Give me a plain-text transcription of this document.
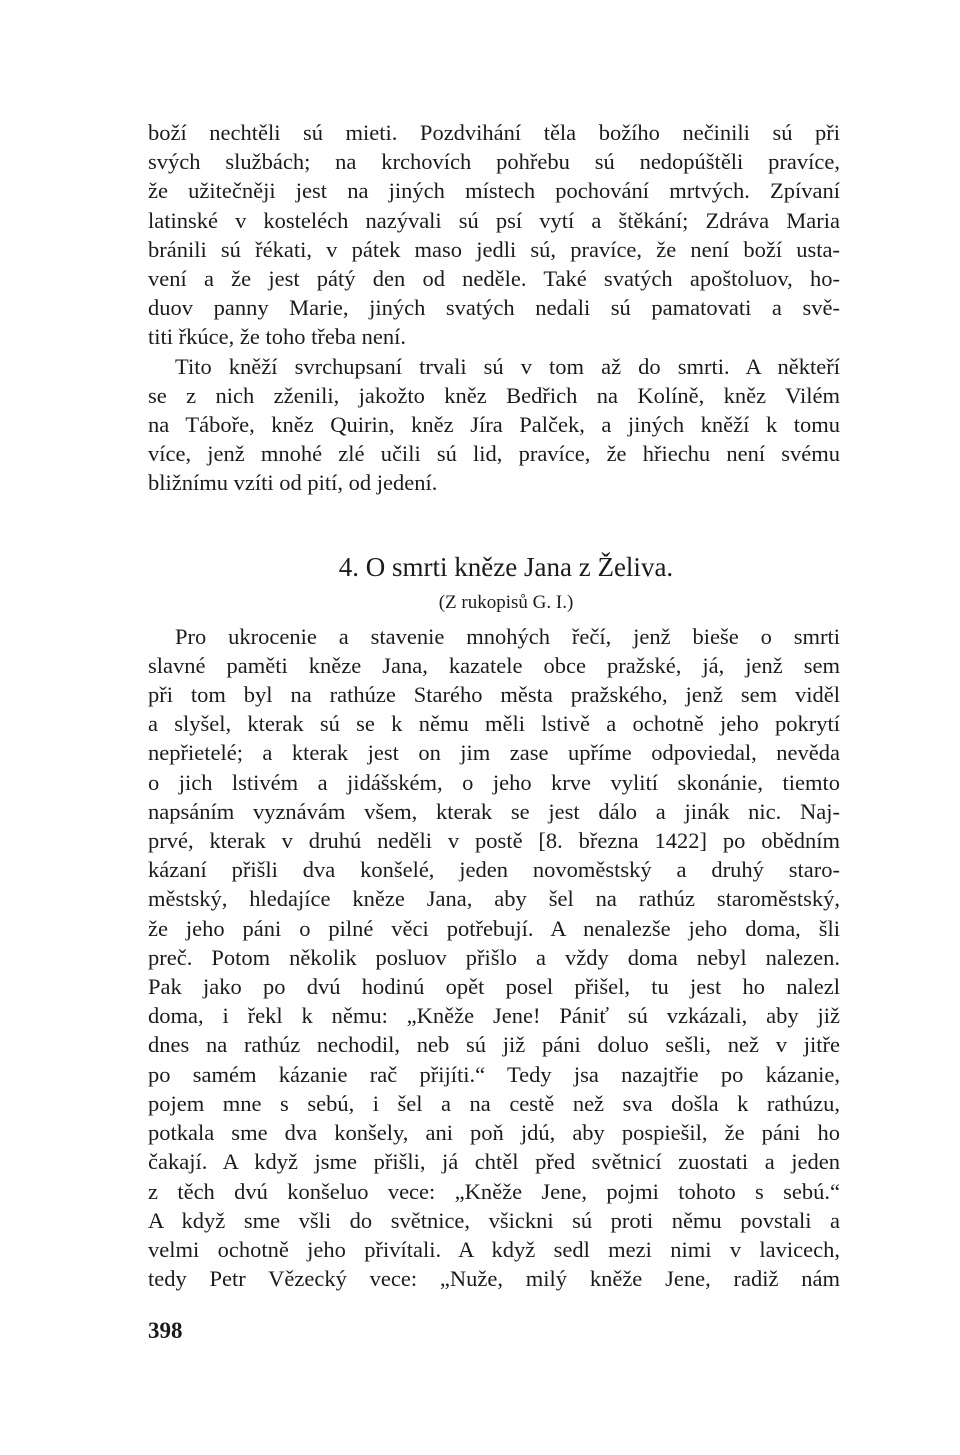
boží nechtěli sú mieti. Pozdvihání těla božího nečinili sú při
svých službách; na krchovích pohřebu sú nedopúštěli pravíce,
že užitečněji jest na jiných místech pochování mrtvých. Zpívaní
latinské v kosteléch nazývali sú psí vytí a štěkání; Zdráva Maria
bránili sú řékati, v pátek maso jedli sú, pravíce, že není boží usta-
vení a že jest pátý den od neděle. Také svatých apoštoluov, ho-
duov panny Marie, jiných svatých nedali sú pamatovati a svě-
titi řkúce, že toho třeba není.
Tito kněží svrchupsaní trvali sú v tom až do smrti. A někteří
se z nich zženili, jakožto kněz Bedřich na Kolíně, kněz Vilém
na Táboře, kněz Quirin, kněz Jíra Palček, a jiných kněží k tomu
více, jenž mnohé zlé učili sú lid, pravíce, že hřiechu není svému
bližnímu vzíti od pití, od jedení.
4. O smrti kněze Jana z Želiva.
(Z rukopisů G. I.)
Pro ukrocenie a stavenie mnohých řečí, jenž bieše o smrti
slavné paměti kněze Jana, kazatele obce pražské, já, jenž sem
při tom byl na rathúze Starého města pražského, jenž sem viděl
a slyšel, kterak sú se k němu měli lstivě a ochotně jeho pokrytí
nepřietelé; a kterak jest on jim zase upříme odpoviedal, nevěda
o jich lstivém a jidášském, o jeho krve vylití skonánie, tiemto
napsáním vyznávám všem, kterak se jest dálo a jinák nic. Naj-
prvé, kterak v druhú neděli v postě [8. března 1422] po obědním
kázaní přišli dva konšelé, jeden novoměstský a druhý staro-
městský, hledajíce kněze Jana, aby šel na rathúz staroměstský,
že jeho páni o pilné věci potřebují. A nenalezše jeho doma, šli
preč. Potom několik posluov přišlo a vždy doma nebyl nalezen.
Pak jako po dvú hodinú opět posel přišel, tu jest ho nalezl
doma, i řekl k němu: „Kněže Jene! Pániť sú vzkázali, aby již
dnes na rathúz nechodil, neb sú již páni doluo sešli, než v jitře
po samém kázanie rač přijíti.“ Tedy jsa nazajtřie po kázanie,
pojem mne s sebú, i šel a na cestě než sva došla k rathúzu,
potkala sme dva konšely, ani poň jdú, aby pospiešil, že páni ho
čakají. A když jsme přišli, já chtěl před světnicí zuostati a jeden
z těch dvú konšeluo vece: „Kněže Jene, pojmi tohoto s sebú.“
A když sme všli do světnice, všickni sú proti němu povstali a
velmi ochotně jeho přivítali. A když sedl mezi nimi v lavicech,
tedy Petr Vězecký vece: „Nuže, milý kněže Jene, radiž nám
398
